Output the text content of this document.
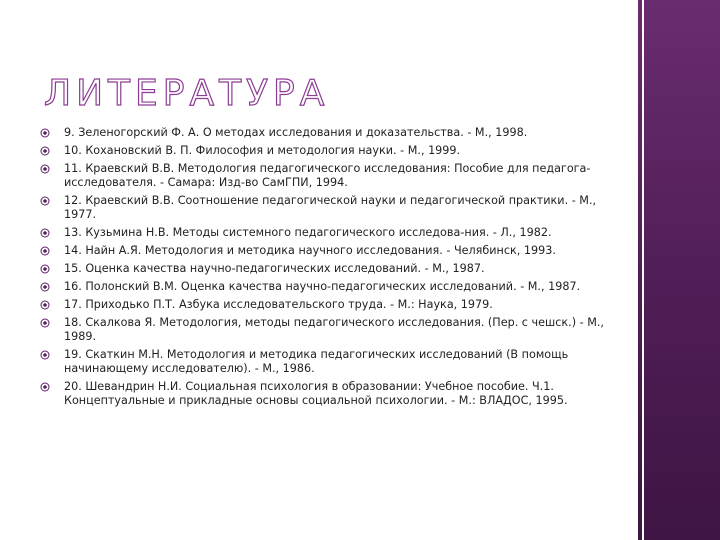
ЛИТЕРАТУРА
9. Зеленогорский Ф. А. О методах исследования и доказательства. - М., 1998.
10. Кохановский В. П. Философия и методология науки. - М., 1999.
11. Краевский В.В. Методология педагогического исследования: Пособие для педагога-исследователя. - Самара: Изд-во СамГПИ, 1994.
12. Краевский В.В. Соотношение педагогической науки и педагогической практики. - М., 1977.
13. Кузьмина Н.В. Методы системного педагогического исследова-ния. - Л., 1982.
14. Найн А.Я. Методология и методика научного исследования. - Челябинск, 1993.
15. Оценка качества научно-педагогических исследований. - М., 1987.
16. Полонский В.М. Оценка качества научно-педагогических исследований. - М., 1987.
17. Приходько П.Т. Азбука исследовательского труда. - М.: Наука, 1979.
18. Скалкова Я. Методология, методы педагогического исследования. (Пер. с чешск.) - М., 1989.
19. Скаткин М.Н. Методология и методика педагогических исследований (В помощь начинающему исследователю). - М., 1986.
20. Шевандрин Н.И. Социальная психология в образовании: Учебное пособие. Ч.1. Концептуальные и прикладные основы социальной психологии. - М.: ВЛАДОС, 1995.
